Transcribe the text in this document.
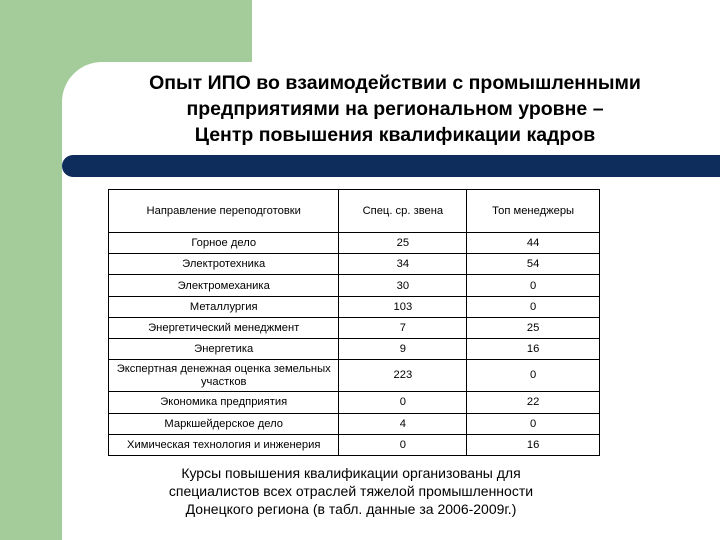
Опыт ИПО во взаимодействии с промышленными
предприятиями на региональном уровне –
Центр повышения квалификации кадров
Направление переподготовки	Спец. ср. звена	Топ менеджеры
Горное дело	25	44
Электротехника	34	54
Электромеханика	30	0
Металлургия	103	0
Энергетический менеджмент	7	25
Энергетика	9	16
Экспертная денежная оценка земельных участков	223	0
Экономика предприятия	0	22
Маркшейдерское дело	4	0
Химическая технология и инженерия	0	16
Курсы повышения квалификации организованы для
специалистов всех отраслей тяжелой промышленности
Донецкого региона (в табл. данные за 2006-2009г.)
